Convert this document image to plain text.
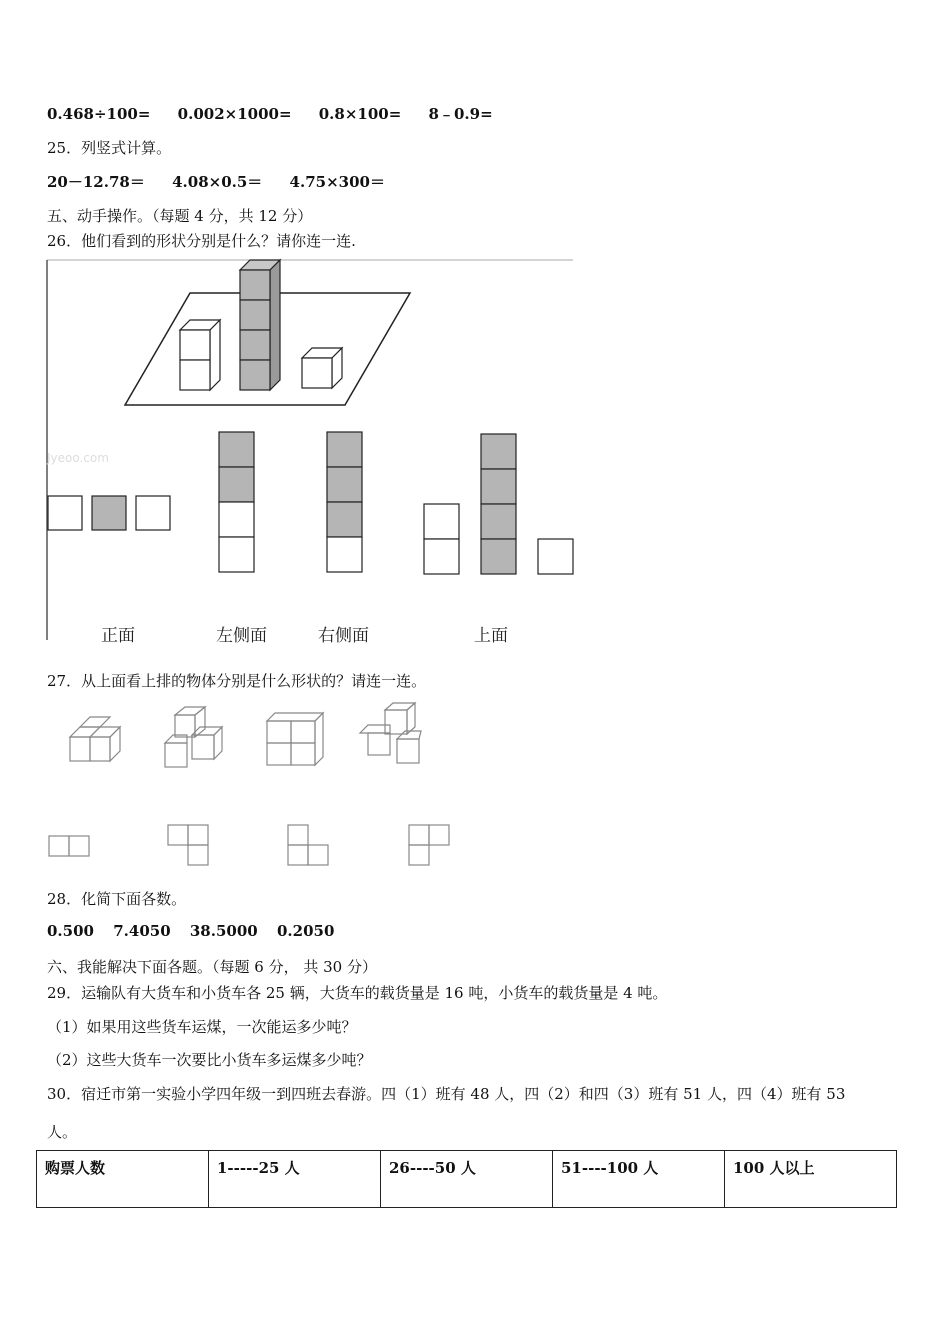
0.468÷100= 0.002×1000= 0.8×100= 8﹣0.9=
25．列竖式计算。
20－12.78＝ 4.08×0.5＝ 4.75×300＝
五、动手操作。（每题 4 分，共 12 分）
26．他们看到的形状分别是什么？请你连一连.
Jyeoo.com
正面	左侧面	右侧面	上面
27．从上面看上排的物体分别是什么形状的？请连一连。
28．化简下面各数。
0.500 7.4050 38.5000 0.2050
六、我能解决下面各题。（每题 6 分， 共 30 分）
29．运输队有大货车和小货车各 25 辆，大货车的载货量是 16 吨，小货车的载货量是 4 吨。
（1）如果用这些货车运煤，一次能运多少吨？
（2）这些大货车一次要比小货车多运煤多少吨？
30．宿迁市第一实验小学四年级一到四班去春游。四（1）班有 48 人，四（2）和四（3）班有 51 人，四（4）班有 53
人。
购票人数	1-----25 人	26----50 人	51----100 人	100 人以上
